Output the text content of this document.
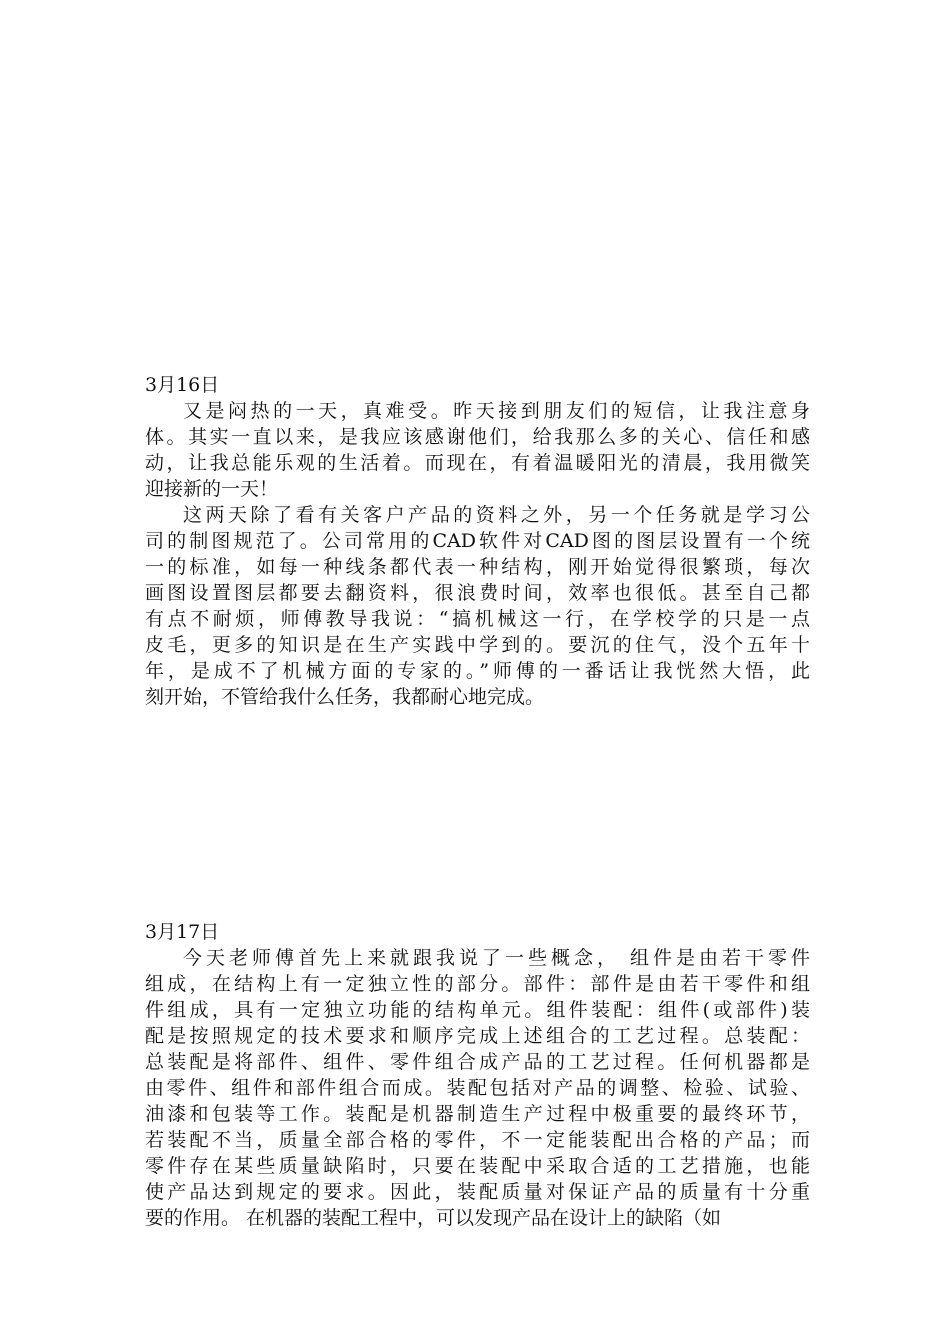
3月16日
又是闷热的一天，真难受。昨天接到朋友们的短信，让我注意身
体。其实一直以来，是我应该感谢他们，给我那么多的关心、信任和感
动，让我总能乐观的生活着。而现在，有着温暖阳光的清晨，我用微笑
迎接新的一天！
这两天除了看有关客户产品的资料之外，另一个任务就是学习公
司的制图规范了。公司常用的CAD软件对CAD图的图层设置有一个统
一的标准，如每一种线条都代表一种结构，刚开始觉得很繁琐，每次
画图设置图层都要去翻资料，很浪费时间，效率也很低。甚至自己都
有点不耐烦，师傅教导我说：“搞机械这一行，在学校学的只是一点
皮毛，更多的知识是在生产实践中学到的。要沉的住气，没个五年十
年，是成不了机械方面的专家的。”师傅的一番话让我恍然大悟，此
刻开始，不管给我什么任务，我都耐心地完成。
3月17日
今天老师傅首先上来就跟我说了一些概念， 组件是由若干零件
组成，在结构上有一定独立性的部分。部件：部件是由若干零件和组
件组成，具有一定独立功能的结构单元。组件装配：组件(或部件)装
配是按照规定的技术要求和顺序完成上述组合的工艺过程。总装配：
总装配是将部件、组件、零件组合成产品的工艺过程。任何机器都是
由零件、组件和部件组合而成。装配包括对产品的调整、检验、试验、
油漆和包装等工作。装配是机器制造生产过程中极重要的最终环节，
若装配不当，质量全部合格的零件，不一定能装配出合格的产品；而
零件存在某些质量缺陷时，只要在装配中采取合适的工艺措施，也能
使产品达到规定的要求。因此，装配质量对保证产品的质量有十分重
要的作用。 在机器的装配工程中，可以发现产品在设计上的缺陷（如
